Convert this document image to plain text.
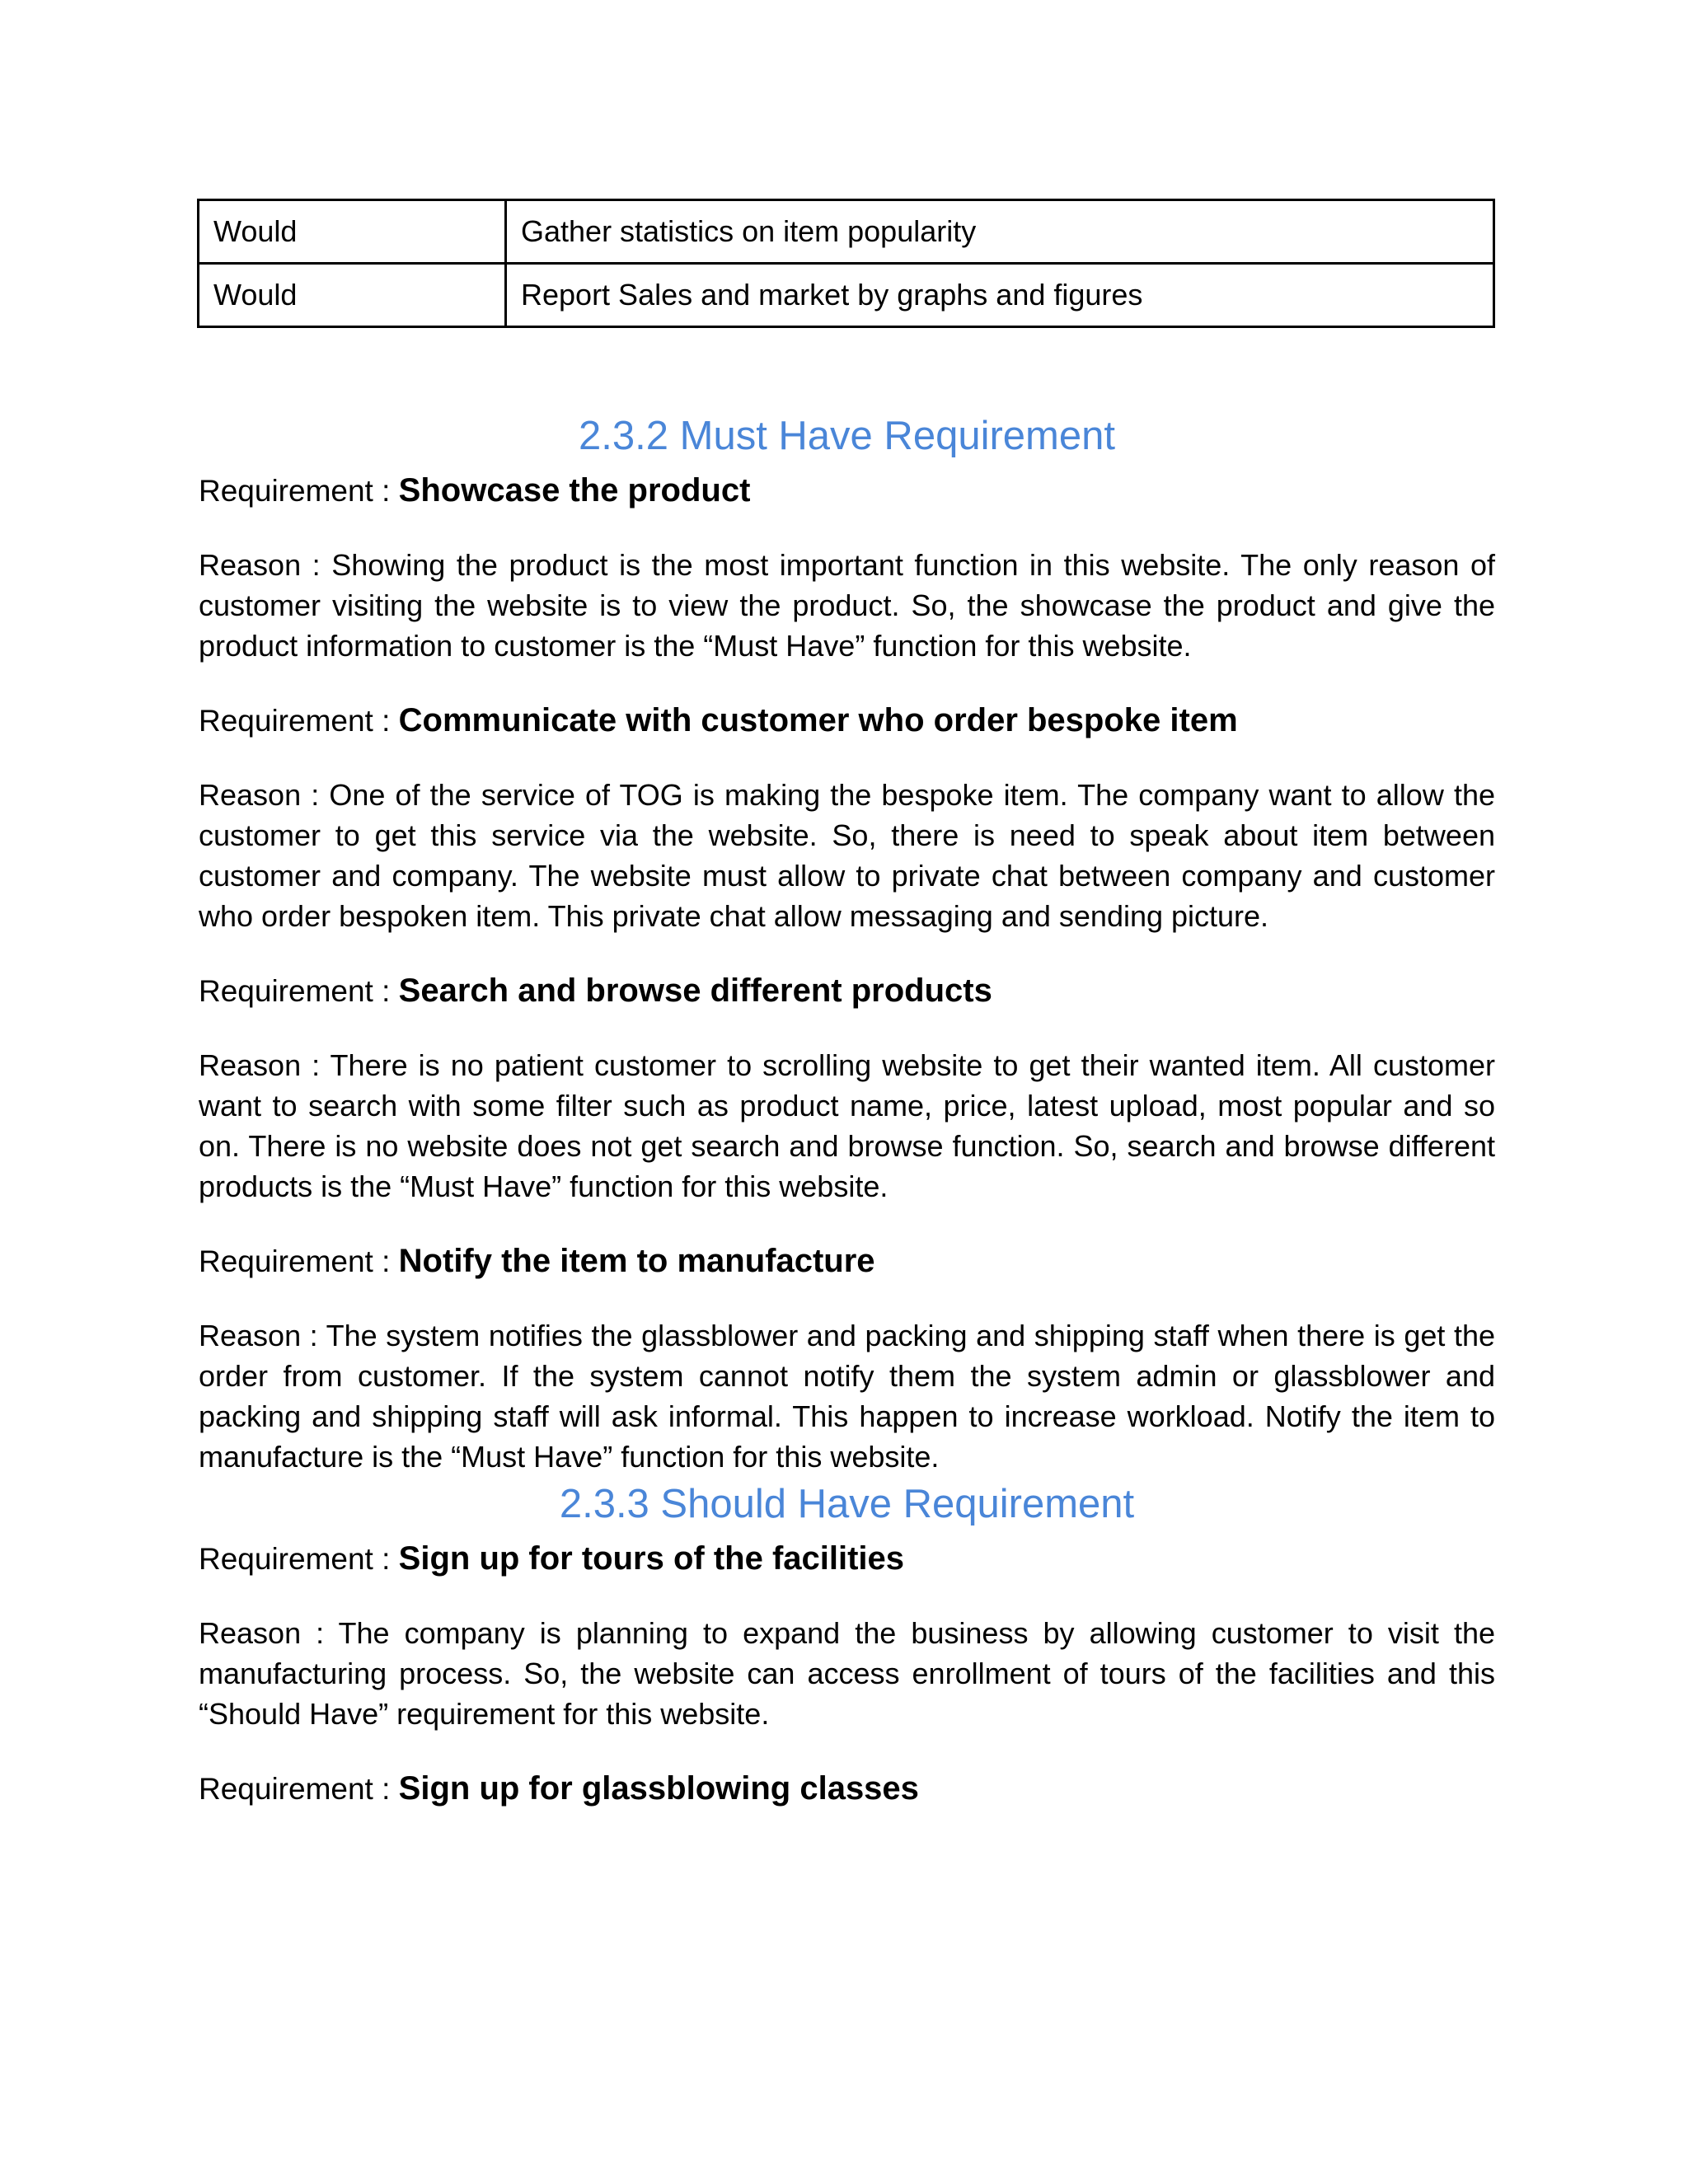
Would	Gather statistics on item popularity
Would	Report Sales and market by graphs and figures
2.3.2 Must Have Requirement

Requirement : Showcase the product

Reason : Showing the product is the most important function in this website. The only reason of customer visiting the website is to view the product. So, the showcase the product and give the product information to customer is the “Must Have” function for this website.

Requirement : Communicate with customer who order bespoke item

Reason : One of the service of TOG is making the bespoke item. The company want to allow the customer to get this service via the website. So, there is need to speak about item between customer and company. The website must allow to private chat between company and customer who order bespoken item. This private chat allow messaging and sending picture.

Requirement : Search and browse different products

Reason : There is no patient customer to scrolling website to get their wanted item. All customer want to search with some filter such as product name, price, latest upload, most popular and so on. There is no website does not get search and browse function. So, search and browse different products is the “Must Have” function for this website.

Requirement : Notify the item to manufacture

Reason : The system notifies the glassblower and packing and shipping staff when there is get the order from customer. If the system cannot notify them the system admin or glassblower and packing and shipping staff will ask informal. This happen to increase workload. Notify the item to manufacture is the “Must Have” function for this website.

2.3.3 Should Have Requirement

Requirement : Sign up for tours of the facilities

Reason : The company is planning to expand the business by allowing customer to visit the manufacturing process. So, the website can access enrollment of tours of the facilities and this “Should Have” requirement for this website.

Requirement : Sign up for glassblowing classes
